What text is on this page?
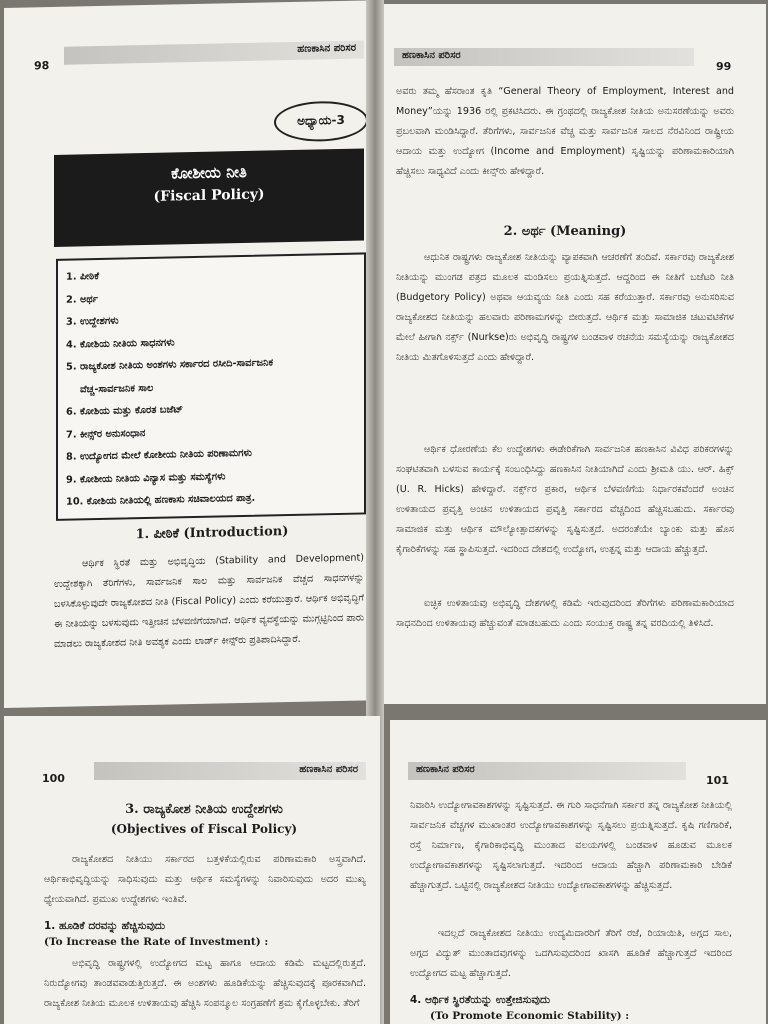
ಹಣಕಾಸಿನ ಪರಿಸರ
98
ಅಧ್ಯಾಯ-3
ಕೋಶೀಯ ನೀತಿ
(Fiscal Policy)
1. ಪೀಠಿಕೆ
2. ಅರ್ಥ
3. ಉದ್ದೇಶಗಳು
4. ಕೋಶಿಯ ನೀತಿಯ ಸಾಧನಗಳು
5. ರಾಜ್ಯಕೋಶ ನೀತಿಯ ಅಂಶಗಳು ಸರ್ಕಾರದ ರಸೀದಿ-ಸಾರ್ವಜನಿಕ
ವೆಚ್ಚ-ಸಾರ್ವಜನಿಕ ಸಾಲ
6. ಕೋಶಿಯ ಮತ್ತು ಕೊರತ ಬಜೆಟ್
7. ಕೀನ್ಸ್‌ರ ಅನುಸಂಧಾನ
8. ಉದ್ಯೋಗದ ಮೇಲೆ ಕೋಶೀಯ ನೀತಿಯ ಪರಿಣಾಮಗಳು
9. ಕೋಶೀಯ ನೀತಿಯ ವಿನ್ಯಾಸ ಮತ್ತು ಸಮಸ್ಯೆಗಳು
10. ಕೋಶಿಯ ನೀತಿಯಲ್ಲಿ ಹಣಕಾಸು ಸಚಿವಾಲಯದ ಪಾತ್ರ.
1. ಪೀಠಿಕೆ (Introduction)
ಆರ್ಥಿಕ ಸ್ಥಿರತೆ ಮತ್ತು ಅಭಿವೃದ್ಧಿಯ (Stability and Development) ಉದ್ದೇಶಕ್ಕಾಗಿ ತೆರಿಗೆಗಳು, ಸಾರ್ವಜನಿಕ ಸಾಲ ಮತ್ತು ಸಾರ್ವಜನಿಕ ವೆಚ್ಚದ ಸಾಧನಗಳನ್ನು ಬಳಸಿಕೊಳ್ಳುವುದೇ ರಾಜ್ಯಕೋಶದ ನೀತಿ (Fiscal Policy) ಎಂದು ಕರೆಯುತ್ತಾರೆ. ಆರ್ಥಿಕ ಅಭಿವೃದ್ಧಿಗೆ ಈ ನೀತಿಯನ್ನು ಬಳಸುವುದು ಇತ್ತೀಚಿನ ಬೆಳವಣಿಗೆಯಾಗಿದೆ. ಆರ್ಥಿಕ ವ್ಯವಸ್ಥೆಯನ್ನು ಮುಗ್ಗಟ್ಟಿನಿಂದ ಪಾರು ಮಾಡಲು ರಾಜ್ಯಕೋಶದ ನೀತಿ ಅವಶ್ಯಕ ಎಂದು ಲಾರ್ಡ್ ಕೀನ್ಸ್‌ರು ಪ್ರತಿಪಾದಿಸಿದ್ದಾರೆ.
ಹಣಕಾಸಿನ ಪರಿಸರ
99
ಅವರು ತಮ್ಮ ಹೆಸರಾಂತ ಕೃತಿ “General Theory of Employment, Interest and Money”ಯನ್ನು 1936 ರಲ್ಲಿ ಪ್ರಕಟಿಸಿದರು. ಈ ಗ್ರಂಥದಲ್ಲಿ ರಾಜ್ಯಕೋಶ ನೀತಿಯ ಅನುಸರಣೆಯನ್ನು ಅವರು ಪ್ರಬಲವಾಗಿ ಮಂಡಿಸಿದ್ದಾರೆ. ತೆರಿಗೆಗಳು, ಸಾರ್ವಜನಿಕ ವೆಚ್ಚ ಮತ್ತು ಸಾರ್ವಜನಿಕ ಸಾಲದ ನೆರವಿನಿಂದ ರಾಷ್ಟ್ರೀಯ ಆದಾಯ ಮತ್ತು ಉದ್ಯೋಗ (Income and Employment) ಸೃಷ್ಟಿಯನ್ನು ಪರಿಣಾಮಕಾರಿಯಾಗಿ ಹೆಚ್ಚಿಸಲು ಸಾಧ್ಯವಿದೆ ಎಂದು ಕೀನ್ಸ್‌ರು ಹೇಳಿದ್ದಾರೆ.
2. ಅರ್ಥ (Meaning)
ಆಧುನಿಕ ರಾಷ್ಟ್ರಗಳು ರಾಜ್ಯಕೋಶ ನೀತಿಯನ್ನು ವ್ಯಾಪಕವಾಗಿ ಆಚರಣೆಗೆ ತಂದಿವೆ. ಸರ್ಕಾರವು ರಾಜ್ಯಕೋಶ ನೀತಿಯನ್ನು ಮುಂಗಡ ಪತ್ರದ ಮೂಲಕ ಮಂಡಿಸಲು ಪ್ರಯತ್ನಿಸುತ್ತದೆ. ಆದ್ದರಿಂದ ಈ ನೀತಿಗೆ ಬಜೆಟರಿ ನೀತಿ (Budgetory Policy) ಅಥವಾ ಆಯವ್ಯಯ ನೀತಿ ಎಂದು ಸಹ ಕರೆಯುತ್ತಾರೆ. ಸರ್ಕಾರವು ಅನುಸರಿಸುವ ರಾಜ್ಯಕೋಶದ ನೀತಿಯನ್ನು ಹಲವಾರು ಪರಿಣಾಮಗಳನ್ನು ಬೀರುತ್ತದೆ. ಆರ್ಥಿಕ ಮತ್ತು ಸಾಮಾಜಿಕ ಚಟುವಟಿಕೆಗಳ ಮೇಲೆ ಹೀಗಾಗಿ ನರ್ಕ್ಸ್ (Nurkse)ರು ಅಭಿವೃದ್ಧಿ ರಾಷ್ಟ್ರಗಳ ಬಂಡವಾಳ ರಚನೆಯ ಸಮಸ್ಯೆಯನ್ನು ರಾಜ್ಯಕೋಶದ ನೀತಿಯ ಮಿತಗೊಳಿಸುತ್ತದೆ ಎಂದು ಹೇಳಿದ್ದಾರೆ.
ಆರ್ಥಿಕ ಧೋರಣೆಯ ಕೆಲ ಉದ್ದೇಶಗಳು ಈಡೇರಿಕೆಗಾಗಿ ಸಾರ್ವಜನಿಕ ಹಣಕಾಸಿನ ವಿವಿಧ ಪರಿಕರಗಳನ್ನು ಸಂಘಟಿತವಾಗಿ ಬಳಸುವ ಕಾರ್ಯಕ್ಕೆ ಸಂಬಂಧಿಸಿದ್ದು ಹಣಕಾಸಿನ ನೀತಿಯಾಗಿದೆ ಎಂದು ಶ್ರೀಮತಿ ಯು. ಆರ್. ಹಿಕ್ಸ್ (U. R. Hicks) ಹೇಳಿದ್ದಾರೆ. ನರ್ಕ್ಸ್‌ರ ಪ್ರಕಾರ, ಆರ್ಥಿಕ ಬೆಳವಣಿಗೆಯ ನಿರ್ಧಾರಕವೆಂದರೆ ಅಂಚಿನ ಉಳಿತಾಯದ ಪ್ರವೃತ್ತಿ ಅಂಚಿನ ಉಳಿತಾಯದ ಪ್ರವೃತ್ತಿ ಸರ್ಕಾರದ ವೆಚ್ಚದಿಂದ ಹೆಚ್ಚಿಸಬಹುದು. ಸರ್ಕಾರವು ಸಾಮಾಜಿಕ ಮತ್ತು ಆರ್ಥಿಕ ಮೌಲ್ಯೋತ್ಪಾದಕಗಳನ್ನು ಸೃಷ್ಟಿಸುತ್ತದೆ. ಅದರಂತೆಯೇ ಬ್ಯಾಂಕು ಮತ್ತು ಹೊಸ ಕೈಗಾರಿಕೆಗಳನ್ನು ಸಹ ಸ್ಥಾಪಿಸುತ್ತದೆ. ಇದರಿಂದ ದೇಶದಲ್ಲಿ ಉದ್ಯೋಗ, ಉತ್ಪನ್ನ ಮತ್ತು ಆದಾಯ ಹೆಚ್ಚುತ್ತದೆ.
ಐಚ್ಛಿಕ ಉಳಿತಾಯವು ಅಭಿವೃದ್ಧಿ ದೇಶಗಳಲ್ಲಿ ಕಡಿಮೆ ಇರುವುದರಿಂದ ತೆರಿಗೆಗಳು ಪರಿಣಾಮಕಾರಿಯಾದ ಸಾಧನದಿಂದ ಉಳಿತಾಯವು ಹೆಚ್ಚುವಂತೆ ಮಾಡಬಹುದು ಎಂದು ಸಂಯುಕ್ತ ರಾಷ್ಟ್ರ ತನ್ನ ವರದಿಯಲ್ಲಿ ತಿಳಿಸಿದೆ.
100
ಹಣಕಾಸಿನ ಪರಿಸರ
3. ರಾಜ್ಯಕೋಶ ನೀತಿಯ ಉದ್ದೇಶಗಳು
(Objectives of Fiscal Policy)
ರಾಜ್ಯಕೋಶದ ನೀತಿಯು ಸರ್ಕಾರದ ಬತ್ತಳಿಕೆಯಲ್ಲಿರುವ ಪರಿಣಾಮಕಾರಿ ಅಸ್ತ್ರವಾಗಿದೆ. ಆರ್ಥಿಕಾಭಿವೃದ್ಧಿಯನ್ನು ಸಾಧಿಸುವುದು ಮತ್ತು ಆರ್ಥಿಕ ಸಮಸ್ಯೆಗಳನ್ನು ನಿವಾರಿಸುವುದು ಅದರ ಮುಖ್ಯ ಧ್ಯೇಯವಾಗಿದೆ. ಪ್ರಮುಖ ಉದ್ದೇಶಗಳು ಇಂತಿವೆ.
1. ಹೂಡಿಕೆ ದರವನ್ನು ಹೆಚ್ಚಿಸುವುದು
(To Increase the Rate of Investment) :
ಅಭಿವೃದ್ಧಿ ರಾಷ್ಟ್ರಗಳಲ್ಲಿ ಉದ್ಯೋಗದ ಮಟ್ಟ ಹಾಗೂ ಆದಾಯ ಕಡಿಮೆ ಮಟ್ಟದಲ್ಲಿರುತ್ತದೆ. ನಿರುದ್ಯೋಗವು ತಾಂಡವವಾಡುತ್ತಿರುತ್ತದೆ. ಈ ಅಂಶಗಳು ಹೂಡಿಕೆಯನ್ನು ಹೆಚ್ಚಿಸುವುದಕ್ಕೆ ಪೂರಕವಾಗಿದೆ. ರಾಜ್ಯಕೋಶ ನೀತಿಯ ಮೂಲಕ ಉಳಿತಾಯವು ಹೆಚ್ಚಿಸಿ ಸಂಪನ್ಮೂಲ ಸಂಗ್ರಹಣೆಗೆ ಶ್ರಮ ಕೈಗೊಳ್ಳಬೇಕು. ತೆರಿಗೆ
ಹಣಕಾಸಿನ ಪರಿಸರ
101
ನಿವಾರಿಸಿ ಉದ್ಯೋಗಾವಕಾಶಗಳನ್ನು ಸೃಷ್ಟಿಸುತ್ತದೆ. ಈ ಗುರಿ ಸಾಧನೆಗಾಗಿ ಸರ್ಕಾರ ತನ್ನ ರಾಜ್ಯಕೋಶ ನೀತಿಯಲ್ಲಿ ಸಾರ್ವಜನಿಕ ವೆಚ್ಚಗಳ ಮುಖಾಂತರ ಉದ್ಯೋಗಾವಕಾಶಗಳನ್ನು ಸೃಷ್ಟಿಸಲು ಪ್ರಯತ್ನಿಸುತ್ತದೆ. ಕೃಷಿ ಗಣಿಗಾರಿಕೆ, ರಸ್ತೆ ನಿರ್ಮಾಣ, ಕೈಗಾರಿಕಾಭಿವೃದ್ಧಿ ಮುಂತಾದ ವಲಯಗಳಲ್ಲಿ ಬಂಡವಾಳ ಹೂಡುವ ಮೂಲಕ ಉದ್ಯೋಗಾವಕಾಶಗಳನ್ನು ಸೃಷ್ಟಿಸಲಾಗುತ್ತದೆ. ಇದರಿಂದ ಆದಾಯ ಹೆಚ್ಚಾಗಿ ಪರಿಣಾಮಕಾರಿ ಬೇಡಿಕೆ ಹೆಚ್ಚಾಗುತ್ತದೆ. ಒಟ್ಟಿನಲ್ಲಿ ರಾಜ್ಯಕೋಶದ ನೀತಿಯು ಉದ್ಯೋಗಾವಕಾಶಗಳನ್ನು ಹೆಚ್ಚಿಸುತ್ತದೆ.
ಇದಲ್ಲದೆ ರಾಜ್ಯಕೋಶದ ನೀತಿಯು ಉದ್ಯಮಿದಾರರಿಗೆ ತೆರಿಗೆ ರಜೆ, ರಿಯಾಯಿತಿ, ಅಗ್ಗದ ಸಾಲ, ಅಗ್ಗದ ವಿದ್ಯುತ್ ಮುಂತಾದವುಗಳನ್ನು ಒದಗಿಸುವುದರಿಂದ ಖಾಸಗಿ ಹೂಡಿಕೆ ಹೆಚ್ಚಾಗುತ್ತದೆ ಇದರಿಂದ ಉದ್ಯೋಗದ ಮಟ್ಟ ಹೆಚ್ಚಾಗುತ್ತದೆ.
4. ಆರ್ಥಿಕ ಸ್ಥಿರತೆಯನ್ನು ಉತ್ತೇಜಿಸುವುದು
(To Promote Economic Stability) :
